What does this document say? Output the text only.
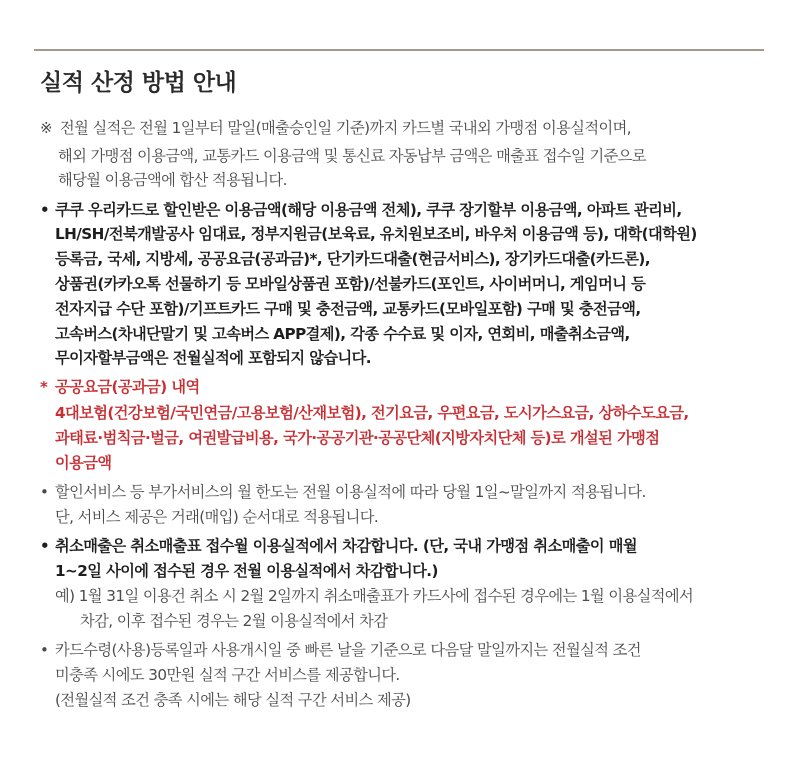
실적 산정 방법 안내
※ 전월 실적은 전월 1일부터 말일(매출승인일 기준)까지 카드별 국내외 가맹점 이용실적이며,
해외 가맹점 이용금액, 교통카드 이용금액 및 통신료 자동납부 금액은 매출표 접수일 기준으로
해당월 이용금액에 합산 적용됩니다.
• 쿠쿠 우리카드로 할인받은 이용금액(해당 이용금액 전체), 쿠쿠 장기할부 이용금액, 아파트 관리비,
LH/SH/전북개발공사 임대료, 정부지원금(보육료, 유치원보조비, 바우처 이용금액 등), 대학(대학원)
등록금, 국세, 지방세, 공공요금(공과금)*, 단기카드대출(현금서비스), 장기카드대출(카드론),
상품권(카카오톡 선물하기 등 모바일상품권 포함)/선불카드(포인트, 사이버머니, 게임머니 등
전자지급 수단 포함)/기프트카드 구매 및 충전금액, 교통카드(모바일포함) 구매 및 충전금액,
고속버스(차내단말기 및 고속버스 APP결제), 각종 수수료 및 이자, 연회비, 매출취소금액,
무이자할부금액은 전월실적에 포함되지 않습니다.
* 공공요금(공과금) 내역
4대보험(건강보험/국민연금/고용보험/산재보험), 전기요금, 우편요금, 도시가스요금, 상하수도요금,
과태료·범칙금·벌금, 여권발급비용, 국가·공공기관·공공단체(지방자치단체 등)로 개설된 가맹점
이용금액
• 할인서비스 등 부가서비스의 월 한도는 전월 이용실적에 따라 당월 1일~말일까지 적용됩니다.
단, 서비스 제공은 거래(매입) 순서대로 적용됩니다.
• 취소매출은 취소매출표 접수월 이용실적에서 차감합니다. (단, 국내 가맹점 취소매출이 매월
1~2일 사이에 접수된 경우 전월 이용실적에서 차감합니다.)
예) 1월 31일 이용건 취소 시 2월 2일까지 취소매출표가 카드사에 접수된 경우에는 1월 이용실적에서
차감, 이후 접수된 경우는 2월 이용실적에서 차감
• 카드수령(사용)등록일과 사용개시일 중 빠른 날을 기준으로 다음달 말일까지는 전월실적 조건
미충족 시에도 30만원 실적 구간 서비스를 제공합니다.
(전월실적 조건 충족 시에는 해당 실적 구간 서비스 제공)
